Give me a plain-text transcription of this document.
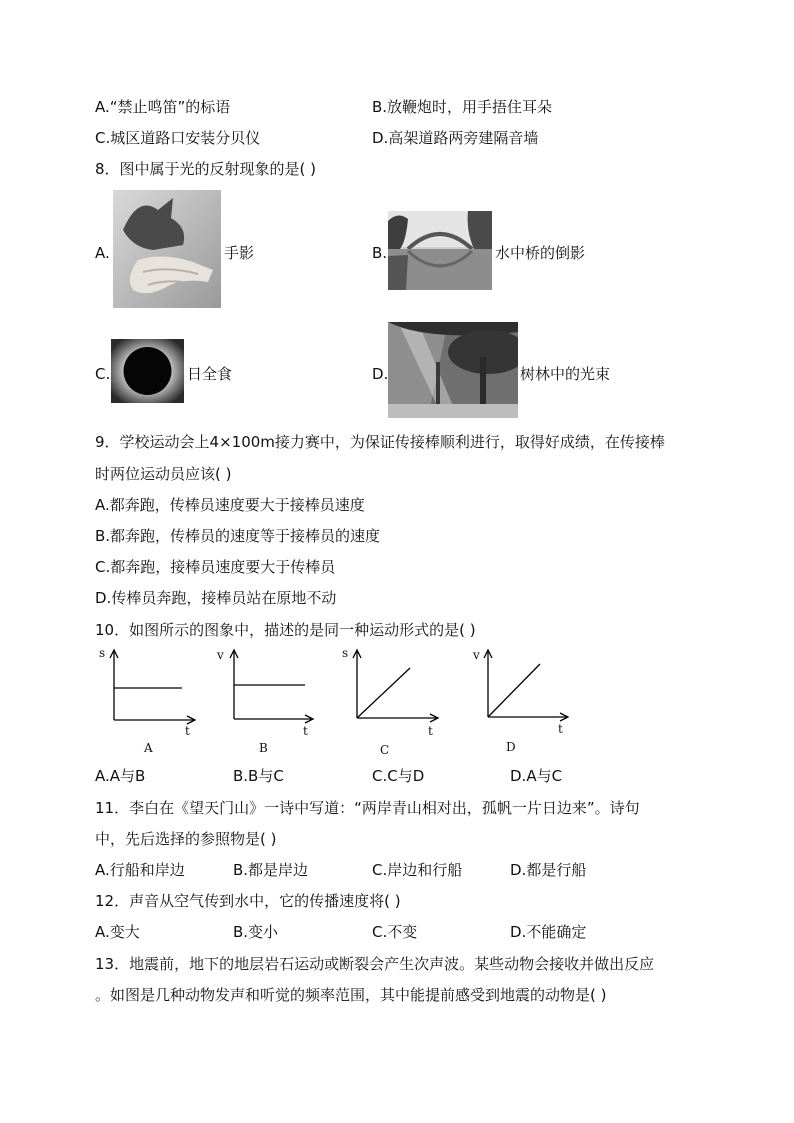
A.“禁止鸣笛”的标语	B.放鞭炮时，用手捂住耳朵
C.城区道路口安装分贝仪	D.高架道路两旁建隔音墙
8．图中属于光的反射现象的是( )
A.	手影	B.	水中桥的倒影
C.	日全食	D.	树林中的光束
9．学校运动会上4×100m接力赛中，为保证传接棒顺利进行，取得好成绩，在传接棒
时两位运动员应该( )
A.都奔跑，传棒员速度要大于接棒员速度
B.都奔跑，传棒员的速度等于接棒员的速度
C.都奔跑，接棒员速度要大于传棒员
D.传棒员奔跑，接棒员站在原地不动
10．如图所示的图象中，描述的是同一种运动形式的是( )
s
t
A
v
t
B
s
t
C
v
t
D
A.A与B	B.B与C	C.C与D	D.A与C
11．李白在《望天门山》一诗中写道：“两岸青山相对出，孤帆一片日边来”。诗句
中，先后选择的参照物是( )
A.行船和岸边	B.都是岸边	C.岸边和行船	D.都是行船
12．声音从空气传到水中，它的传播速度将( )
A.变大	B.变小	C.不变	D.不能确定
13．地震前，地下的地层岩石运动或断裂会产生次声波。某些动物会接收并做出反应
。如图是几种动物发声和听觉的频率范围，其中能提前感受到地震的动物是( )
